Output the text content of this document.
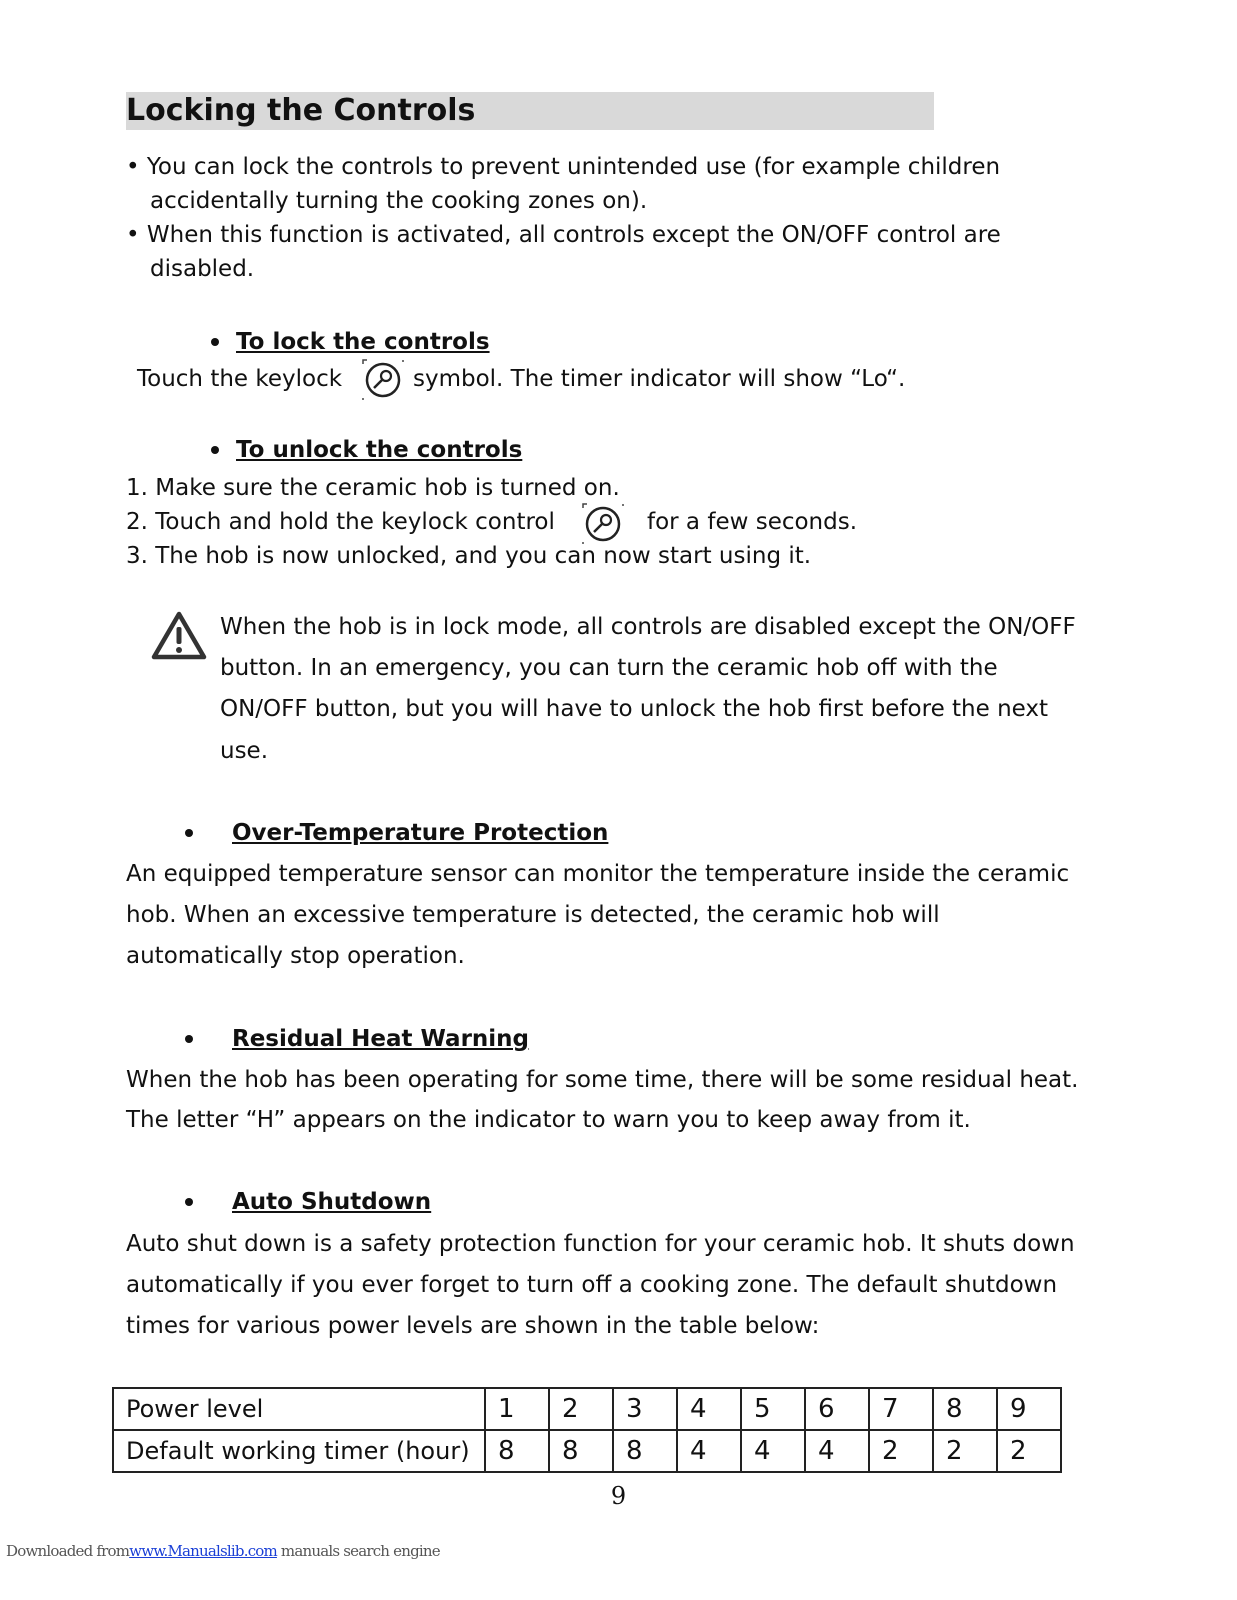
Locking the Controls
• You can lock the controls to prevent unintended use (for example children
accidentally turning the cooking zones on).
• When this function is activated, all controls except the ON/OFF control are
disabled.
To lock the controls
Touch the keylock	symbol. The timer indicator will show “Lo“.
To unlock the controls
1. Make sure the ceramic hob is turned on.
2. Touch and hold the keylock control	for a few seconds.
3. The hob is now unlocked, and you can now start using it.
When the hob is in lock mode, all controls are disabled except the ON/OFF
button. In an emergency, you can turn the ceramic hob off with the
ON/OFF button, but you will have to unlock the hob first before the next
use.
Over-Temperature Protection
An equipped temperature sensor can monitor the temperature inside the ceramic
hob. When an excessive temperature is detected, the ceramic hob will
automatically stop operation.
Residual Heat Warning
When the hob has been operating for some time, there will be some residual heat.
The letter “H” appears on the indicator to warn you to keep away from it.
Auto Shutdown
Auto shut down is a safety protection function for your ceramic hob. It shuts down
automatically if you ever forget to turn off a cooking zone. The default shutdown
times for various power levels are shown in the table below:
Power level	1	2	3	4	5	6	7	8	9
Default working timer (hour)	8	8	8	4	4	4	2	2	2
9
Downloaded fromwww.Manualslib.com manuals search engine
